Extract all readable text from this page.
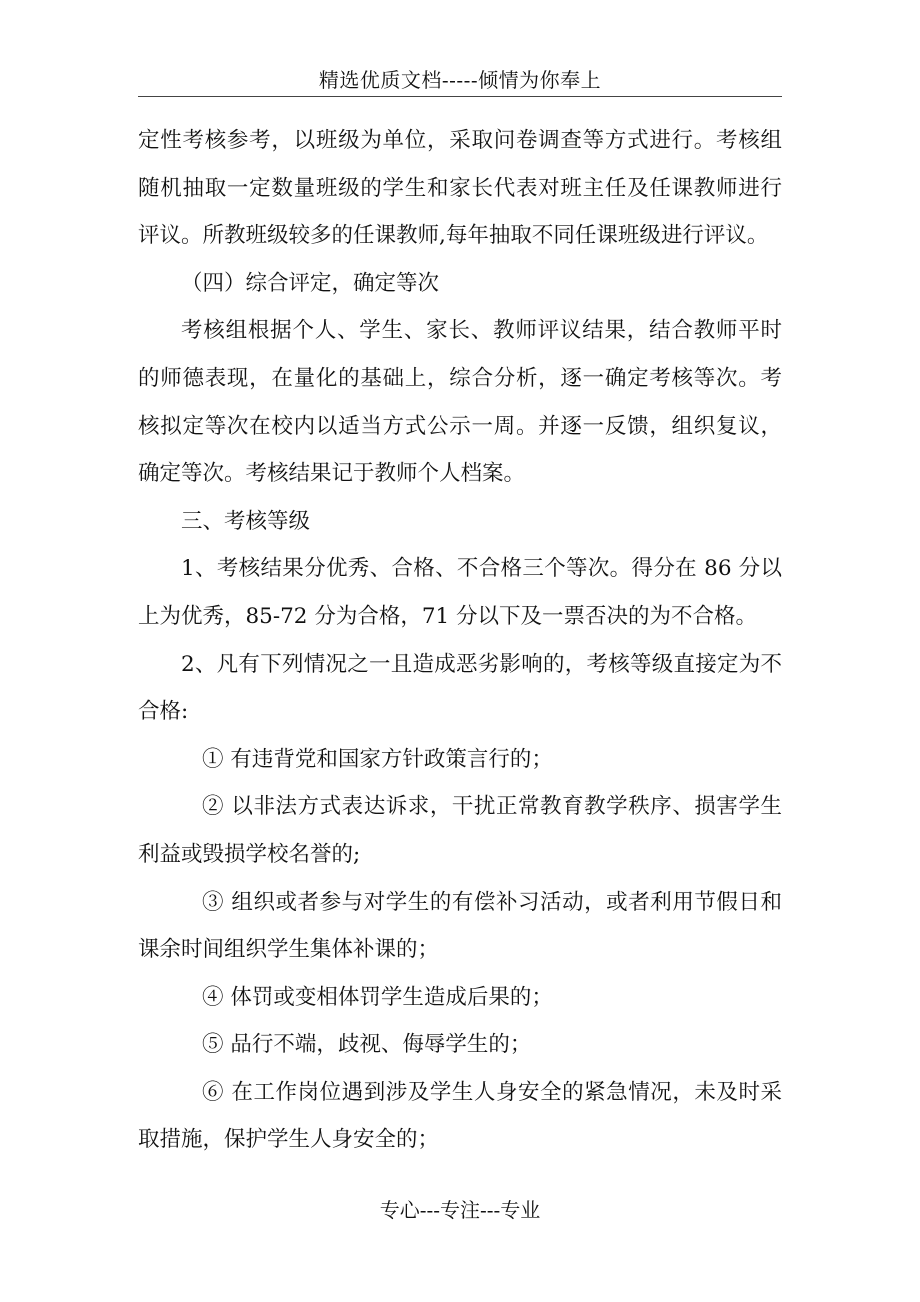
精选优质文档-----倾情为你奉上

定性考核参考，以班级为单位，采取问卷调查等方式进行。考核组随机抽取一定数量班级的学生和家长代表对班主任及任课教师进行评议。所教班级较多的任课教师,每年抽取不同任课班级进行评议。

（四）综合评定，确定等次

考核组根据个人、学生、家长、教师评议结果，结合教师平时的师德表现，在量化的基础上，综合分析，逐一确定考核等次。考核拟定等次在校内以适当方式公示一周。并逐一反馈，组织复议，确定等次。考核结果记于教师个人档案。

三、考核等级

1、考核结果分优秀、合格、不合格三个等次。得分在 86 分以上为优秀，85-72 分为合格，71 分以下及一票否决的为不合格。

2、凡有下列情况之一且造成恶劣影响的，考核等级直接定为不合格:

① 有违背党和国家方针政策言行的；

② 以非法方式表达诉求，干扰正常教育教学秩序、损害学生利益或毁损学校名誉的;

③ 组织或者参与对学生的有偿补习活动，或者利用节假日和课余时间组织学生集体补课的；

④ 体罚或变相体罚学生造成后果的；

⑤ 品行不端，歧视、侮辱学生的；

⑥ 在工作岗位遇到涉及学生人身安全的紧急情况，未及时采取措施，保护学生人身安全的；

专心---专注---专业
